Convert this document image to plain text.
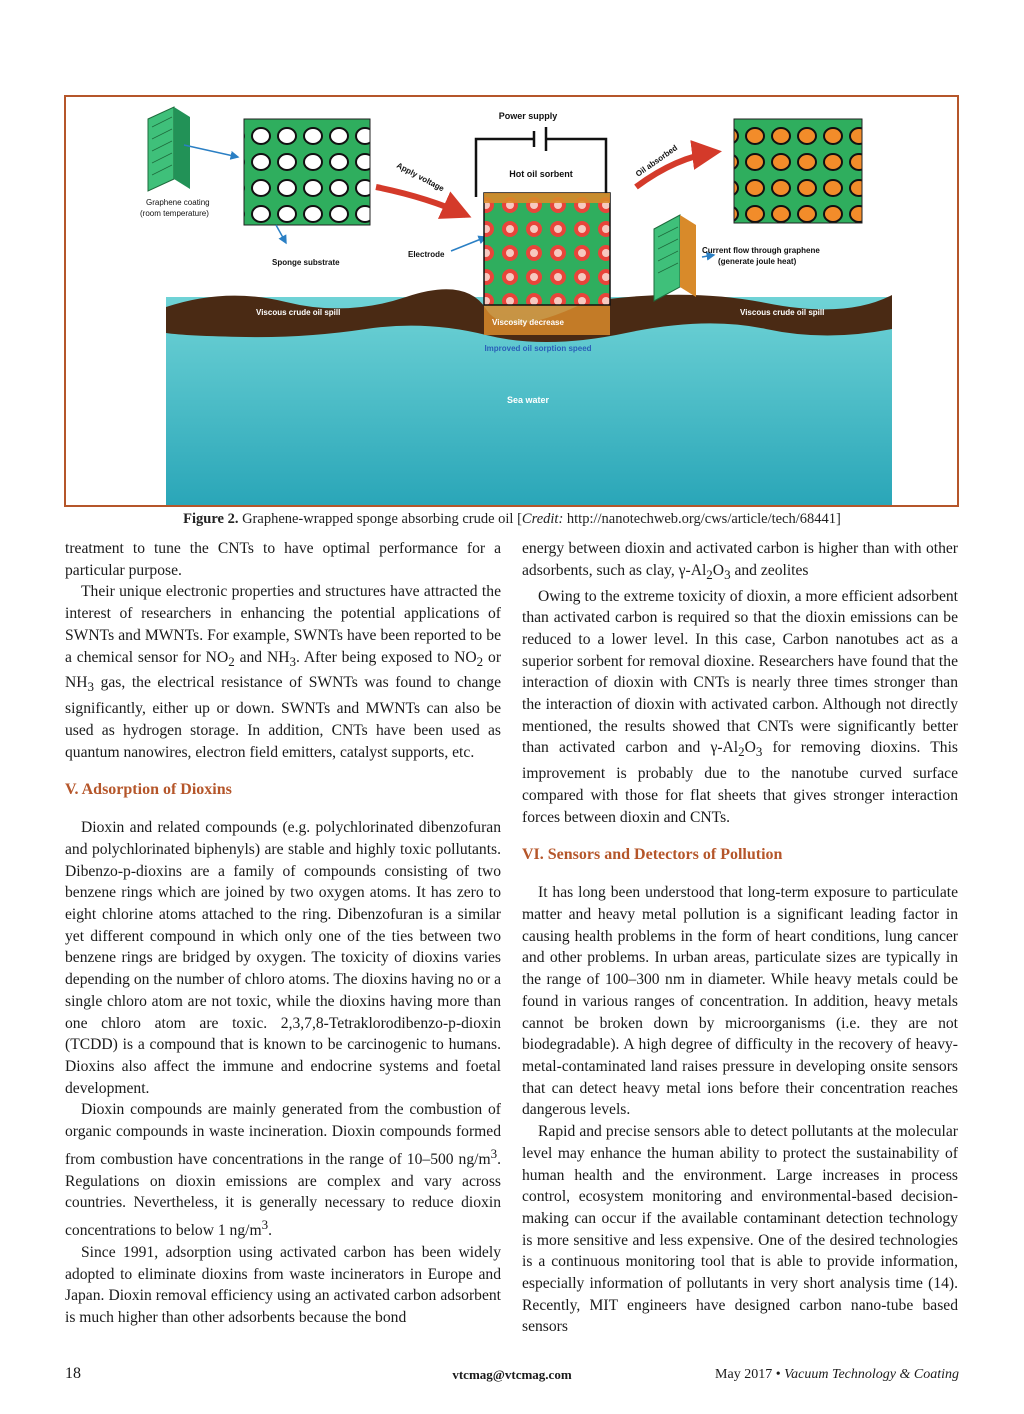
Power supply
Hot oil sorbent
Apply voltage	Oil absorbed
Graphene coating
(room temperature)
Sponge substrate
Electrode	Current flow through graphene
(generate joule heat)
Viscous crude oil spill	Viscous crude oil spill
Viscosity decrease
Improved oil sorption speed
Sea water
Figure 2. Graphene-wrapped sponge absorbing crude oil [Credit: http://nanotechweb.org/cws/article/tech/68441]

treatment to tune the CNTs to have optimal performance for a particular purpose.

Their unique electronic properties and structures have attracted the interest of researchers in enhancing the potential applications of SWNTs and MWNTs. For example, SWNTs have been reported to be a chemical sensor for $NO_2$ and $NH_3$. After being exposed to $NO_2$ or $NH_3$ gas, the electrical resistance of SWNTs was found to change significantly, either up or down. SWNTs and MWNTs can also be used as hydrogen storage. In addition, CNTs have been used as quantum nanowires, electron field emitters, catalyst supports, etc.

V. Adsorption of Dioxins

Dioxin and related compounds (e.g. polychlorinated dibenzofuran and polychlorinated biphenyls) are stable and highly toxic pollutants. Dibenzo-p-dioxins are a family of compounds consisting of two benzene rings which are joined by two oxygen atoms. It has zero to eight chlorine atoms attached to the ring. Dibenzofuran is a similar yet different compound in which only one of the ties between two benzene rings are bridged by oxygen. The toxicity of dioxins varies depending on the number of chloro atoms. The dioxins having no or a single chloro atom are not toxic, while the dioxins having more than one chloro atom are toxic. 2,3,7,8-Tetraklorodibenzo-p-dioxin (TCDD) is a compound that is known to be carcinogenic to humans. Dioxins also affect the immune and endocrine systems and foetal development.

Dioxin compounds are mainly generated from the combustion of organic compounds in waste incineration. Dioxin compounds formed from combustion have concentrations in the range of 10–500 $ng/m^3$. Regulations on dioxin emissions are complex and vary across countries. Nevertheless, it is generally necessary to reduce dioxin concentrations to below 1 $ng/m^3$.

Since 1991, adsorption using activated carbon has been widely adopted to eliminate dioxins from waste incinerators in Europe and Japan. Dioxin removal efficiency using an activated carbon adsorbent is much higher than other adsorbents because the bond

energy between dioxin and activated carbon is higher than with other adsorbents, such as clay, $\gamma-Al_2O_3$ and zeolites

Owing to the extreme toxicity of dioxin, a more efficient adsorbent than activated carbon is required so that the dioxin emissions can be reduced to a lower level. In this case, Carbon nanotubes act as a superior sorbent for removal dioxine. Researchers have found that the interaction of dioxin with CNTs is nearly three times stronger than the interaction of dioxin with activated carbon. Although not directly mentioned, the results showed that CNTs were significantly better than activated carbon and $\gamma-Al_2O_3$ for removing dioxins. This improvement is probably due to the nanotube curved surface compared with those for flat sheets that gives stronger interaction forces between dioxin and CNTs.

VI. Sensors and Detectors of Pollution

It has long been understood that long-term exposure to particulate matter and heavy metal pollution is a significant leading factor in causing health problems in the form of heart conditions, lung cancer and other problems. In urban areas, particulate sizes are typically in the range of 100–300 nm in diameter. While heavy metals could be found in various ranges of concentration. In addition, heavy metals cannot be broken down by microorganisms (i.e. they are not biodegradable). A high degree of difficulty in the recovery of heavy-metal-contaminated land raises pressure in developing onsite sensors that can detect heavy metal ions before their concentration reaches dangerous levels.

Rapid and precise sensors able to detect pollutants at the molecular level may enhance the human ability to protect the sustainability of human health and the environment. Large increases in process control, ecosystem monitoring and environmental-based decision-making can occur if the available contaminant detection technology is more sensitive and less expensive. One of the desired technologies is a continuous monitoring tool that is able to provide information, especially information of pollutants in very short analysis time (14). Recently, MIT engineers have designed carbon nano-tube based sensors

18	vtcmag@vtcmag.com	May 2017 • Vacuum Technology & Coating
